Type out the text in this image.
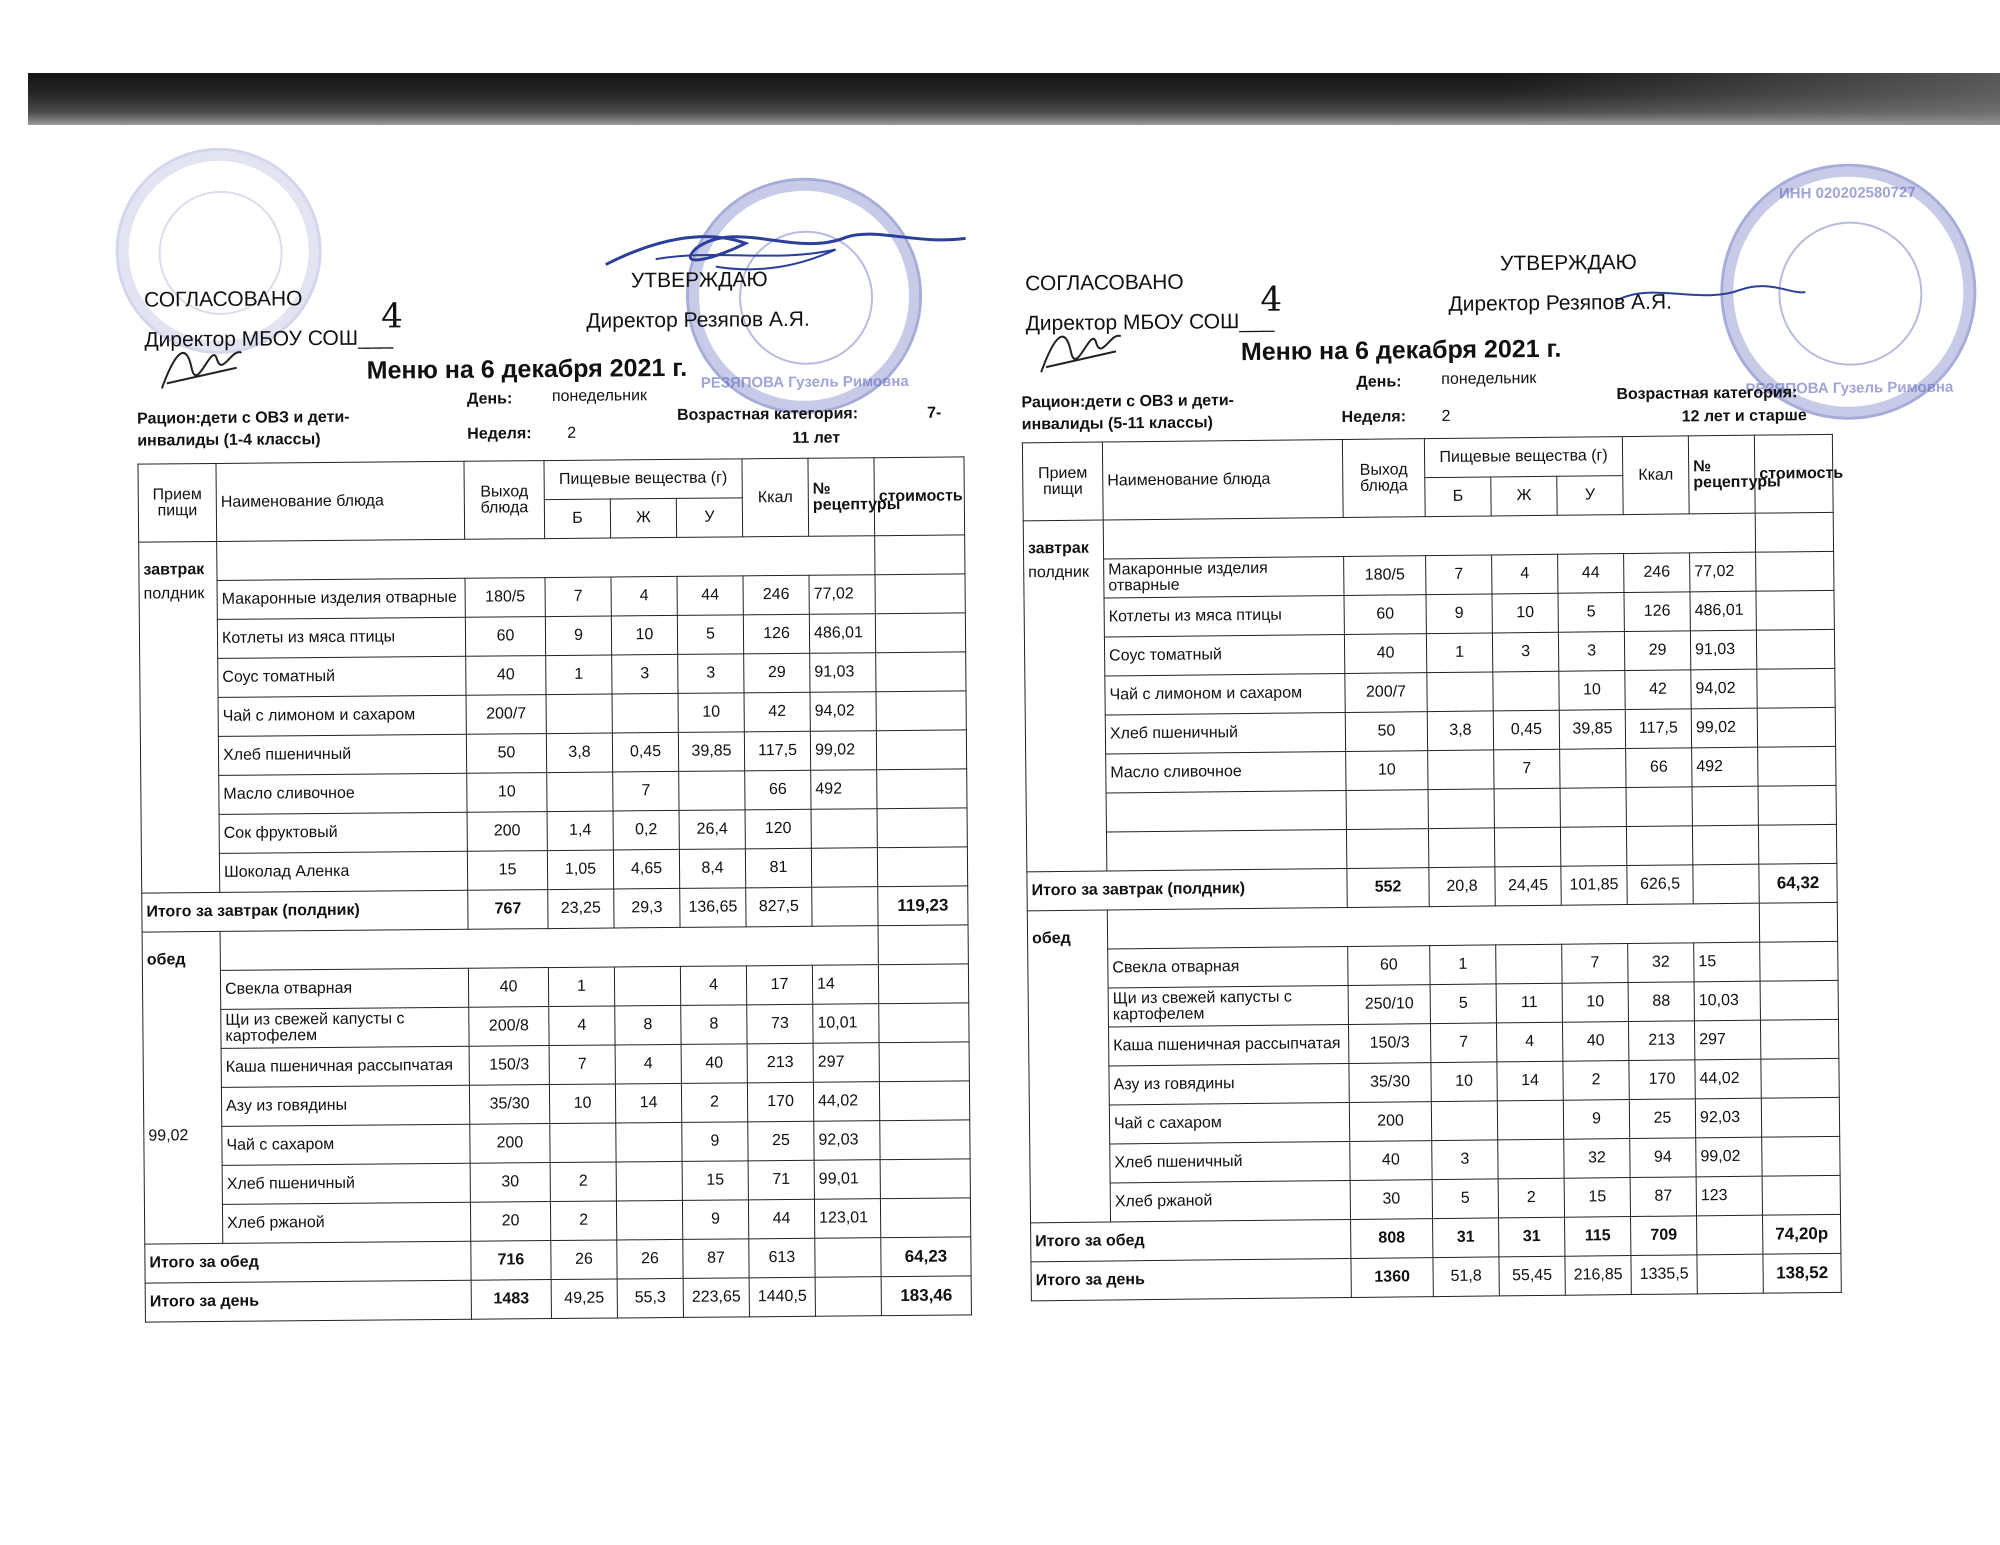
РЕЗЯПОВА Гузель Римовна
СОГЛАСОВАНО
Директор МБОУ СОШ___
4
УТВЕРЖДАЮ
Директор Резяпов А.Я.
Меню на 6 декабря 2021 г.
День: понедельник
Рацион:дети с ОВЗ и дети-инвалиды (1-4 классы)	Неделя: 2
Возрастная категория:	7-
11 лет
Прием пищи	Наименование блюда	Выход блюда	Пищевые вещества (г)			Ккал	№ рецептуры	стоимость
			Б	Ж	У			
завтрак
полдник								

	Макаронные изделия отварные	180/5	7	4	44	246	77,02	
	Котлеты из мяса птицы	60	9	10	5	126	486,01	
	Соус томатный	40	1	3	3	29	91,03	
	Чай с лимоном и сахаром	200/7			10	42	94,02	
	Хлеб пшеничный	50	3,8	0,45	39,85	117,5	99,02	
	Масло сливочное	10		7		66	492	
	Сок фруктовый	200	1,4	0,2	26,4	120		
	Шоколад Аленка	15	1,05	4,65	8,4	81		
Итого за завтрак (полдник)		767	23,25	29,3	136,65	827,5		119,23
обед
99,02								

	Свекла отварная	40	1		4	17	14	
	Щи из свежей капусты с картофелем	200/8	4	8	8	73	10,01	
	Каша пшеничная рассыпчатая	150/3	7	4	40	213	297	
	Азу из говядины	35/30	10	14	2	170	44,02	
	Чай с сахаром	200			9	25	92,03	
	Хлеб пшеничный	30	2		15	71	99,01	
	Хлеб ржаной	20	2		9	44	123,01	
Итого за обед		716	26	26	87	613		64,23
Итого за день		1483	49,25	55,3	223,65	1440,5		183,46
ИНН 020202580727
РЕЗЯПОВА Гузель Римовна
СОГЛАСОВАНО
Директор МБОУ СОШ___
4
УТВЕРЖДАЮ
Директор Резяпов А.Я.
Меню на 6 декабря 2021 г.
День: понедельник
Рацион:дети с ОВЗ и дети-инвалиды (5-11 классы)	Неделя: 2
Возрастная категория:
12 лет и старше
Прием пищи	Наименование блюда	Выход блюда	Пищевые вещества (г)			Ккал	№ рецептуры	стоимость
			Б	Ж	У			
завтрак
полдник								

	Макаронные изделия отварные	180/5	7	4	44	246	77,02	
	Котлеты из мяса птицы	60	9	10	5	126	486,01	
	Соус томатный	40	1	3	3	29	91,03	
	Чай с лимоном и сахаром	200/7			10	42	94,02	
	Хлеб пшеничный	50	3,8	0,45	39,85	117,5	99,02	
	Масло сливочное	10		7		66	492	

Итого за завтрак (полдник)		552	20,8	24,45	101,85	626,5		64,32
обед								
	Свекла отварная	60	1		7	32	15	
	Щи из свежей капусты с картофелем	250/10	5	11	10	88	10,03	
	Каша пшеничная рассыпчатая	150/3	7	4	40	213	297	
	Азу из говядины	35/30	10	14	2	170	44,02	
	Чай с сахаром	200			9	25	92,03	
	Хлеб пшеничный	40	3		32	94	99,02	
	Хлеб ржаной	30	5	2	15	87	123	
Итого за обед		808	31	31	115	709		74,20р
Итого за день		1360	51,8	55,45	216,85	1335,5		138,52
